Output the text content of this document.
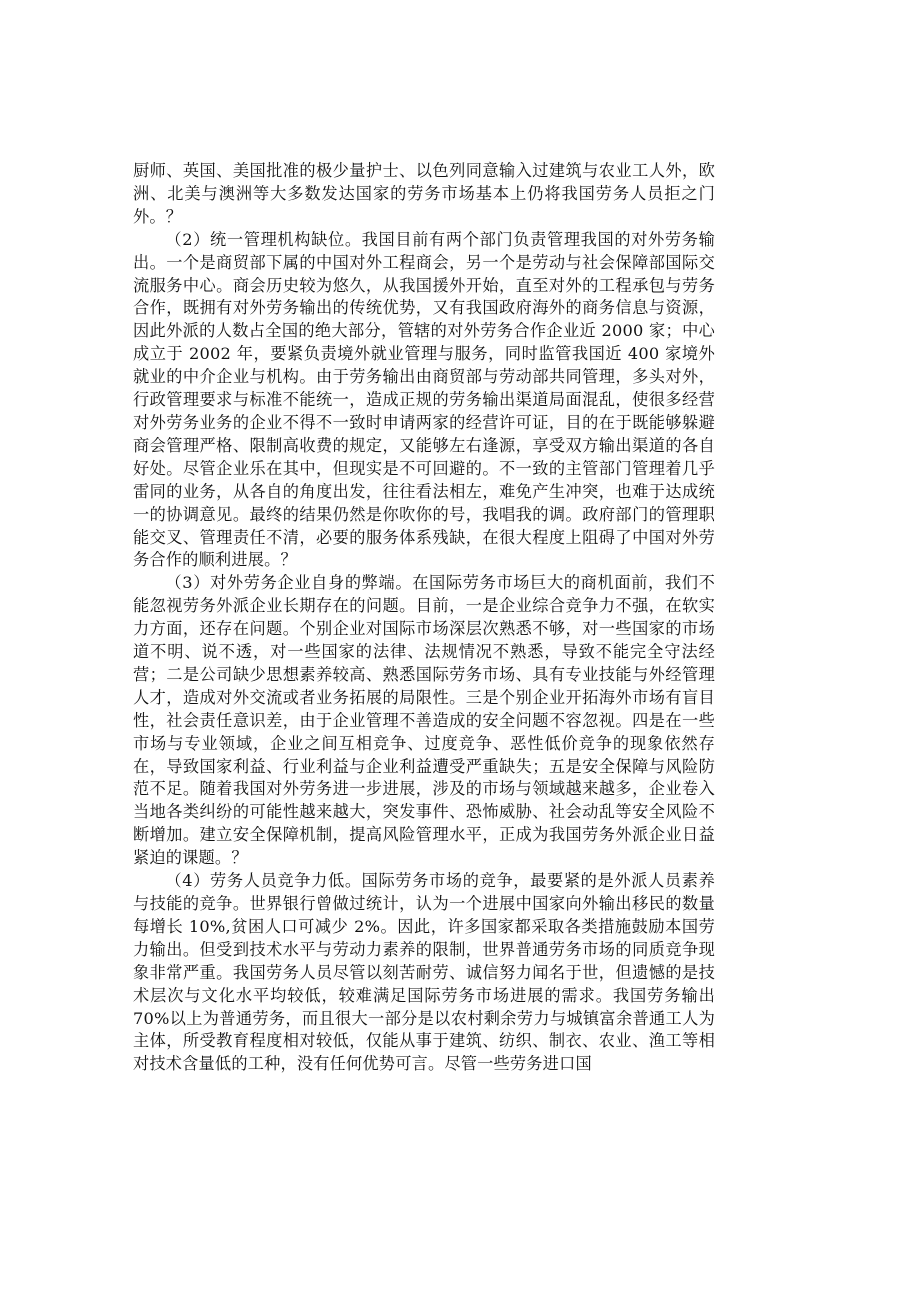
厨师、英国、美国批准的极少量护士、以色列同意输入过建筑与农业工人外，欧洲、北美与澳洲等大多数发达国家的劳务市场基本上仍将我国劳务人员拒之门外。？

（2）统一管理机构缺位。我国目前有两个部门负责管理我国的对外劳务输出。一个是商贸部下属的中国对外工程商会，另一个是劳动与社会保障部国际交流服务中心。商会历史较为悠久，从我国援外开始，直至对外的工程承包与劳务合作，既拥有对外劳务输出的传统优势，又有我国政府海外的商务信息与资源，因此外派的人数占全国的绝大部分，管辖的对外劳务合作企业近 2000 家；中心成立于 2002 年，要紧负责境外就业管理与服务，同时监管我国近 400 家境外就业的中介企业与机构。由于劳务输出由商贸部与劳动部共同管理，多头对外，行政管理要求与标准不能统一，造成正规的劳务输出渠道局面混乱，使很多经营对外劳务业务的企业不得不一致时申请两家的经营许可证，目的在于既能够躲避商会管理严格、限制高收费的规定，又能够左右逢源，享受双方输出渠道的各自好处。尽管企业乐在其中，但现实是不可回避的。不一致的主管部门管理着几乎雷同的业务，从各自的角度出发，往往看法相左，难免产生冲突，也难于达成统一的协调意见。最终的结果仍然是你吹你的号，我唱我的调。政府部门的管理职能交叉、管理责任不清，必要的服务体系残缺，在很大程度上阻碍了中国对外劳务合作的顺利进展。？

（3）对外劳务企业自身的弊端。在国际劳务市场巨大的商机面前，我们不能忽视劳务外派企业长期存在的问题。目前，一是企业综合竞争力不强，在软实力方面，还存在问题。个别企业对国际市场深层次熟悉不够，对一些国家的市场道不明、说不透，对一些国家的法律、法规情况不熟悉，导致不能完全守法经营；二是公司缺少思想素养较高、熟悉国际劳务市场、具有专业技能与外经管理人才，造成对外交流或者业务拓展的局限性。三是个别企业开拓海外市场有盲目性，社会责任意识差，由于企业管理不善造成的安全问题不容忽视。四是在一些市场与专业领域，企业之间互相竞争、过度竞争、恶性低价竞争的现象依然存在，导致国家利益、行业利益与企业利益遭受严重缺失；五是安全保障与风险防范不足。随着我国对外劳务进一步进展，涉及的市场与领域越来越多，企业卷入当地各类纠纷的可能性越来越大，突发事件、恐怖威胁、社会动乱等安全风险不断增加。建立安全保障机制，提高风险管理水平，正成为我国劳务外派企业日益紧迫的课题。？

（4）劳务人员竞争力低。国际劳务市场的竞争，最要紧的是外派人员素养与技能的竞争。世界银行曾做过统计，认为一个进展中国家向外输出移民的数量每增长 10%,贫困人口可减少 2%。因此，许多国家都采取各类措施鼓励本国劳力输出。但受到技术水平与劳动力素养的限制，世界普通劳务市场的同质竞争现象非常严重。我国劳务人员尽管以刻苦耐劳、诚信努力闻名于世，但遗憾的是技术层次与文化水平均较低，较难满足国际劳务市场进展的需求。我国劳务输出 70%以上为普通劳务，而且很大一部分是以农村剩余劳力与城镇富余普通工人为主体，所受教育程度相对较低，仅能从事于建筑、纺织、制衣、农业、渔工等相对技术含量低的工种，没有任何优势可言。尽管一些劳务进口国
